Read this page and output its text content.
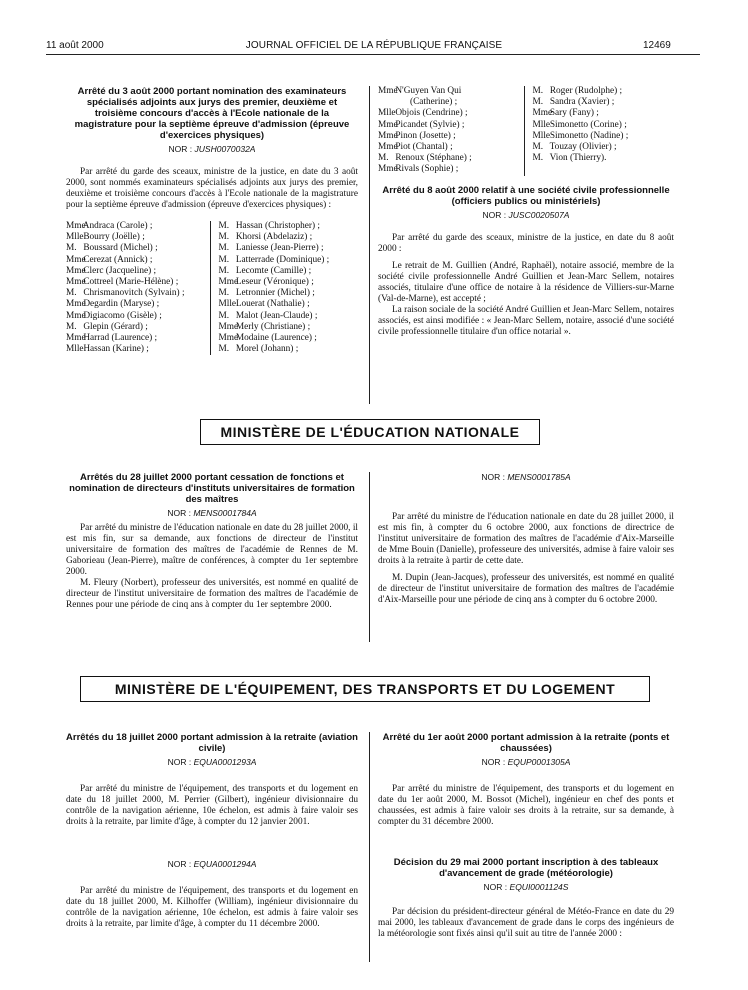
11 août 2000	JOURNAL OFFICIEL DE LA RÉPUBLIQUE FRANÇAISE	12469
Arrêté du 3 août 2000 portant nomination des examinateurs spécialisés adjoints aux jurys des premier, deuxième et troisième concours d'accès à l'Ecole nationale de la magistrature pour la septième épreuve d'admission (épreuve d'exercices physiques)
NOR : JUSH0070032A

Par arrêté du garde des sceaux, ministre de la justice, en date du 3 août 2000, sont nommés examinateurs spécialisés adjoints aux jurys des premier, deuxième et troisième concours d'accès à l'Ecole nationale de la magistrature pour la septième épreuve d'admission (épreuve d'exercices physiques) :

Mme Andraca (Carole) ;
Mlle Bourry (Joëlle) ;
M. Boussard (Michel) ;
Mme Cerezat (Annick) ;
Mme Clerc (Jacqueline) ;
Mme Cottreel (Marie-Hélène) ;
M. Chrismanovitch (Sylvain) ;
Mme Degardin (Maryse) ;
Mme Digiacomo (Gisèle) ;
M. Glepin (Gérard) ;
Mme Harrad (Laurence) ;
Mlle Hassan (Karine) ;
M. Hassan (Christopher) ;
M. Khorsi (Abdelaziz) ;
M. Laniesse (Jean-Pierre) ;
M. Latterrade (Dominique) ;
M. Lecomte (Camille) ;
Mme Leseur (Véronique) ;
M. Letronnier (Michel) ;
Mlle Louerat (Nathalie) ;
M. Malot (Jean-Claude) ;
Mme Merly (Christiane) ;
Mme Modaine (Laurence) ;
M. Morel (Johann) ;
Mme N'Guyen Van Qui
(Catherine) ;
Mlle Objois (Cendrine) ;
Mme Picandet (Sylvie) ;
Mme Pinon (Josette) ;
Mme Piot (Chantal) ;
M. Renoux (Stéphane) ;
Mme Rivals (Sophie) ;
M. Roger (Rudolphe) ;
M. Sandra (Xavier) ;
Mme Sary (Fany) ;
Mlle Simonetto (Corine) ;
Mlle Simonetto (Nadine) ;
M. Touzay (Olivier) ;
M. Vion (Thierry).
Arrêté du 8 août 2000 relatif à une société civile professionnelle (officiers publics ou ministériels)
NOR : JUSC0020507A

Par arrêté du garde des sceaux, ministre de la justice, en date du 8 août 2000 :

Le retrait de M. Guillien (André, Raphaël), notaire associé, membre de la société civile professionnelle André Guillien et Jean-Marc Sellem, notaires associés, titulaire d'une office de notaire à la résidence de Villiers-sur-Marne (Val-de-Marne), est accepté ;

La raison sociale de la société André Guillien et Jean-Marc Sellem, notaires associés, est ainsi modifiée : « Jean-Marc Sellem, notaire, associé d'une société civile professionnelle titulaire d'un office notarial ».

MINISTÈRE DE L'ÉDUCATION NATIONALE
Arrêtés du 28 juillet 2000 portant cessation de fonctions et nomination de directeurs d'instituts universitaires de formation des maîtres
NOR : MENS0001784A

Par arrêté du ministre de l'éducation nationale en date du 28 juillet 2000, il est mis fin, sur sa demande, aux fonctions de directeur de l'institut universitaire de formation des maîtres de l'académie de Rennes de M. Gaborieau (Jean-Pierre), maître de conférences, à compter du 1er septembre 2000.

M. Fleury (Norbert), professeur des universités, est nommé en qualité de directeur de l'institut universitaire de formation des maîtres de l'académie de Rennes pour une période de cinq ans à compter du 1er septembre 2000.

NOR : MENS0001785A

Par arrêté du ministre de l'éducation nationale en date du 28 juillet 2000, il est mis fin, à compter du 6 octobre 2000, aux fonctions de directrice de l'institut universitaire de formation des maîtres de l'académie d'Aix-Marseille de Mme Bouin (Danielle), professeure des universités, admise à faire valoir ses droits à la retraite à partir de cette date.

M. Dupin (Jean-Jacques), professeur des universités, est nommé en qualité de directeur de l'institut universitaire de formation des maîtres de l'académie d'Aix-Marseille pour une période de cinq ans à compter du 6 octobre 2000.

MINISTÈRE DE L'ÉQUIPEMENT, DES TRANSPORTS ET DU LOGEMENT
Arrêtés du 18 juillet 2000 portant admission à la retraite (aviation civile)
NOR : EQUA0001293A

Par arrêté du ministre de l'équipement, des transports et du logement en date du 18 juillet 2000, M. Perrier (Gilbert), ingénieur divisionnaire du contrôle de la navigation aérienne, 10e échelon, est admis à faire valoir ses droits à la retraite, par limite d'âge, à compter du 12 janvier 2001.

NOR : EQUA0001294A

Par arrêté du ministre de l'équipement, des transports et du logement en date du 18 juillet 2000, M. Kilhoffer (William), ingénieur divisionnaire du contrôle de la navigation aérienne, 10e échelon, est admis à faire valoir ses droits à la retraite, par limite d'âge, à compter du 11 décembre 2000.

Arrêté du 1er août 2000 portant admission à la retraite (ponts et chaussées)
NOR : EQUP0001305A

Par arrêté du ministre de l'équipement, des transports et du logement en date du 1er août 2000, M. Bossot (Michel), ingénieur en chef des ponts et chaussées, est admis à faire valoir ses droits à la retraite, sur sa demande, à compter du 31 décembre 2000.

Décision du 29 mai 2000 portant inscription à des tableaux d'avancement de grade (météorologie)
NOR : EQUI0001124S

Par décision du président-directeur général de Météo-France en date du 29 mai 2000, les tableaux d'avancement de grade dans le corps des ingénieurs de la météorologie sont fixés ainsi qu'il suit au titre de l'année 2000 :
